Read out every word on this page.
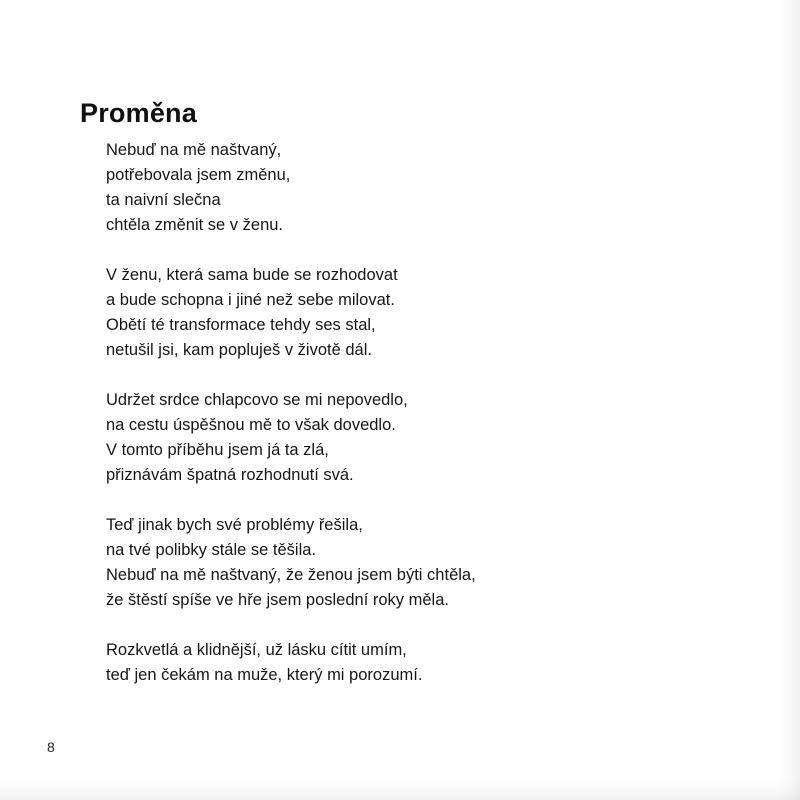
Proměna
Nebuď na mě naštvaný,
potřebovala jsem změnu,
ta naivní slečna
chtěla změnit se v ženu.
V ženu, která sama bude se rozhodovat
a bude schopna i jiné než sebe milovat.
Obětí té transformace tehdy ses stal,
netušil jsi, kam popluješ v životě dál.
Udržet srdce chlapcovo se mi nepovedlo,
na cestu úspěšnou mě to však dovedlo.
V tomto příběhu jsem já ta zlá,
přiznávám špatná rozhodnutí svá.
Teď jinak bych své problémy řešila,
na tvé polibky stále se těšila.
Nebuď na mě naštvaný, že ženou jsem býti chtěla,
že štěstí spíše ve hře jsem poslední roky měla.
Rozkvetlá a klidnější, už lásku cítit umím,
teď jen čekám na muže, který mi porozumí.
8
